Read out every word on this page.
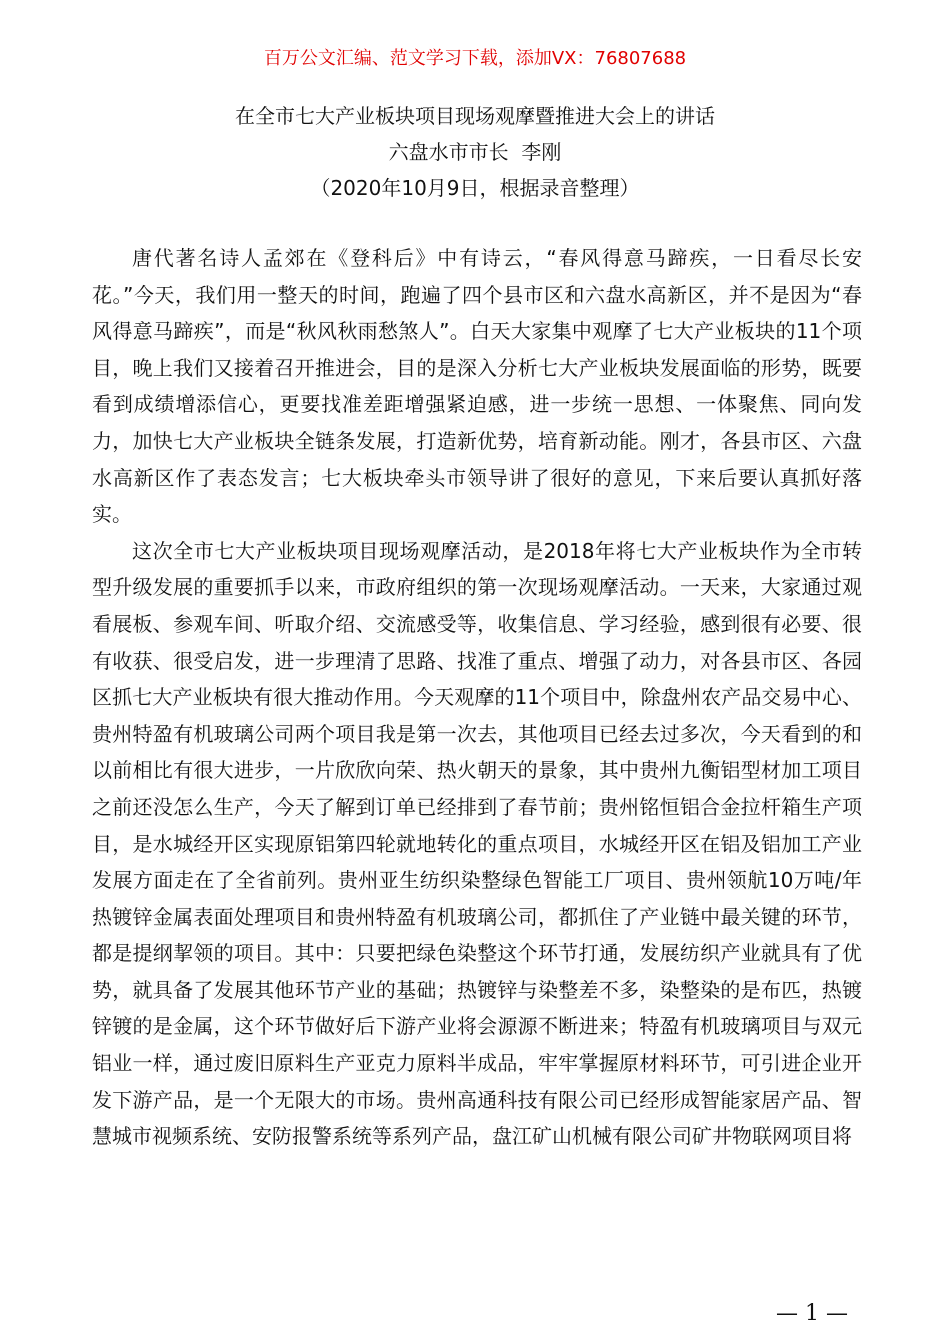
百万公文汇编、范文学习下载，添加VX：76807688
在全市七大产业板块项目现场观摩暨推进大会上的讲话
六盘水市市长  李刚
（2020年10月9日，根据录音整理）

唐代著名诗人孟郊在《登科后》中有诗云，“春风得意马蹄疾，一日看尽长安花。”今天，我们用一整天的时间，跑遍了四个县市区和六盘水高新区，并不是因为“春风得意马蹄疾”，而是“秋风秋雨愁煞人”。白天大家集中观摩了七大产业板块的11个项目，晚上我们又接着召开推进会，目的是深入分析七大产业板块发展面临的形势，既要看到成绩增添信心，更要找准差距增强紧迫感，进一步统一思想、一体聚焦、同向发力，加快七大产业板块全链条发展，打造新优势，培育新动能。刚才，各县市区、六盘水高新区作了表态发言；七大板块牵头市领导讲了很好的意见，下来后要认真抓好落实。

这次全市七大产业板块项目现场观摩活动，是2018年将七大产业板块作为全市转型升级发展的重要抓手以来，市政府组织的第一次现场观摩活动。一天来，大家通过观看展板、参观车间、听取介绍、交流感受等，收集信息、学习经验，感到很有必要、很有收获、很受启发，进一步理清了思路、找准了重点、增强了动力，对各县市区、各园区抓七大产业板块有很大推动作用。今天观摩的11个项目中，除盘州农产品交易中心、贵州特盈有机玻璃公司两个项目我是第一次去，其他项目已经去过多次，今天看到的和以前相比有很大进步，一片欣欣向荣、热火朝天的景象，其中贵州九衡铝型材加工项目之前还没怎么生产，今天了解到订单已经排到了春节前；贵州铭恒铝合金拉杆箱生产项目，是水城经开区实现原铝第四轮就地转化的重点项目，水城经开区在铝及铝加工产业发展方面走在了全省前列。贵州亚生纺织染整绿色智能工厂项目、贵州领航10万吨/年热镀锌金属表面处理项目和贵州特盈有机玻璃公司，都抓住了产业链中最关键的环节，都是提纲挈领的项目。其中：只要把绿色染整这个环节打通，发展纺织产业就具有了优势，就具备了发展其他环节产业的基础；热镀锌与染整差不多，染整染的是布匹，热镀锌镀的是金属，这个环节做好后下游产业将会源源不断进来；特盈有机玻璃项目与双元铝业一样，通过废旧原料生产亚克力原料半成品，牢牢掌握原材料环节，可引进企业开发下游产品，是一个无限大的市场。贵州高通科技有限公司已经形成智能家居产品、智慧城市视频系统、安防报警系统等系列产品，盘江矿山机械有限公司矿井物联网项目将

— 1 —
